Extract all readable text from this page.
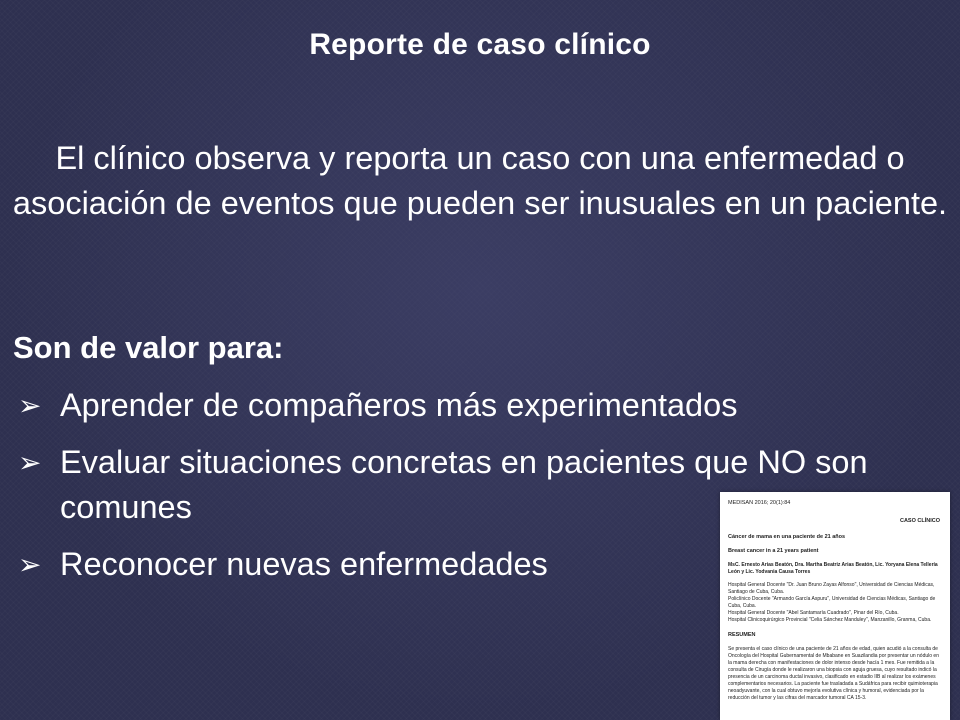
Reporte de caso clínico
El clínico observa y reporta un caso con una enfermedad o asociación de eventos que pueden ser inusuales en un paciente.
Son de valor para:
➢ Aprender de compañeros más experimentados
➢ Evaluar situaciones concretas en pacientes que NO son comunes
➢ Reconocer nuevas enfermedades
MEDISAN 2016; 20(1):84
CASO CLÍNICO
Cáncer de mama en una paciente de 21 años
Breast cancer in a 21 years patient
MsC. Ernesto Arias Beatón, Dra. Martha Beatriz Arias Beatón, Lic. Yoryana Elena Tellería León y Lic. Yodvania Causa Torres
Hospital General Docente "Dr. Juan Bruno Zayas Alfonso", Universidad de Ciencias Médicas, Santiago de Cuba, Cuba.
Policlínico Docente "Armando García Aspuru", Universidad de Ciencias Médicas, Santiago de Cuba, Cuba.
Hospital General Docente "Abel Santamaría Cuadrado", Pinar del Río, Cuba.
Hospital Clinicoquirúrgico Provincial "Celia Sánchez Manduley", Manzanillo, Granma, Cuba.
RESUMEN
Se presenta el caso clínico de una paciente de 21 años de edad, quien acudió a la consulta de Oncología del Hospital Gubernamental de Mbabane en Suazilandia por presentar un nódulo en la mama derecha con manifestaciones de dolor intenso desde hacía 1 mes. Fue remitida a la consulta de Cirugía donde le realizaron una biopsia con aguja gruesa, cuyo resultado indicó la presencia de un carcinoma ductal invasivo, clasificado en estadio IIB al realizar los exámenes complementarios necesarios. La paciente fue trasladada a Sudáfrica para recibir quimioterapia neoadyuvante, con la cual obtuvo mejoría evolutiva clínica y humoral, evidenciada por la reducción del tumor y las cifras del marcador tumoral CA 15-3.
